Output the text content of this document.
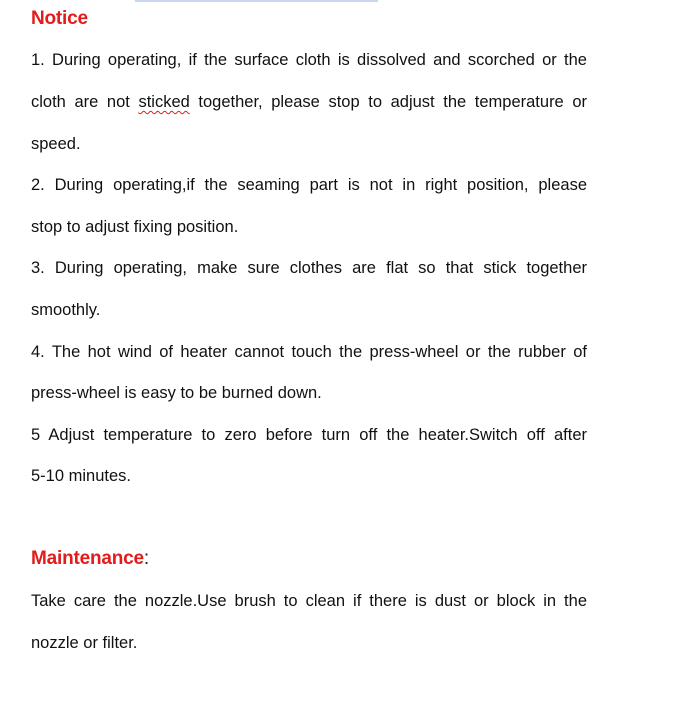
Notice
1. During operating, if the surface cloth is dissolved and scorched or the
cloth are not sticked together, please stop to adjust the temperature or
speed.
2. During operating,if the seaming part is not in right position, please
stop to adjust fixing position.
3. During operating, make sure clothes are flat so that stick together
smoothly.
4. The hot wind of heater cannot touch the press-wheel or the rubber of
press-wheel is easy to be burned down.
5 Adjust temperature to zero before turn off the heater.Switch off after
5-10 minutes.
Maintenance:
Take care the nozzle.Use brush to clean if there is dust or block in the
nozzle or filter.
